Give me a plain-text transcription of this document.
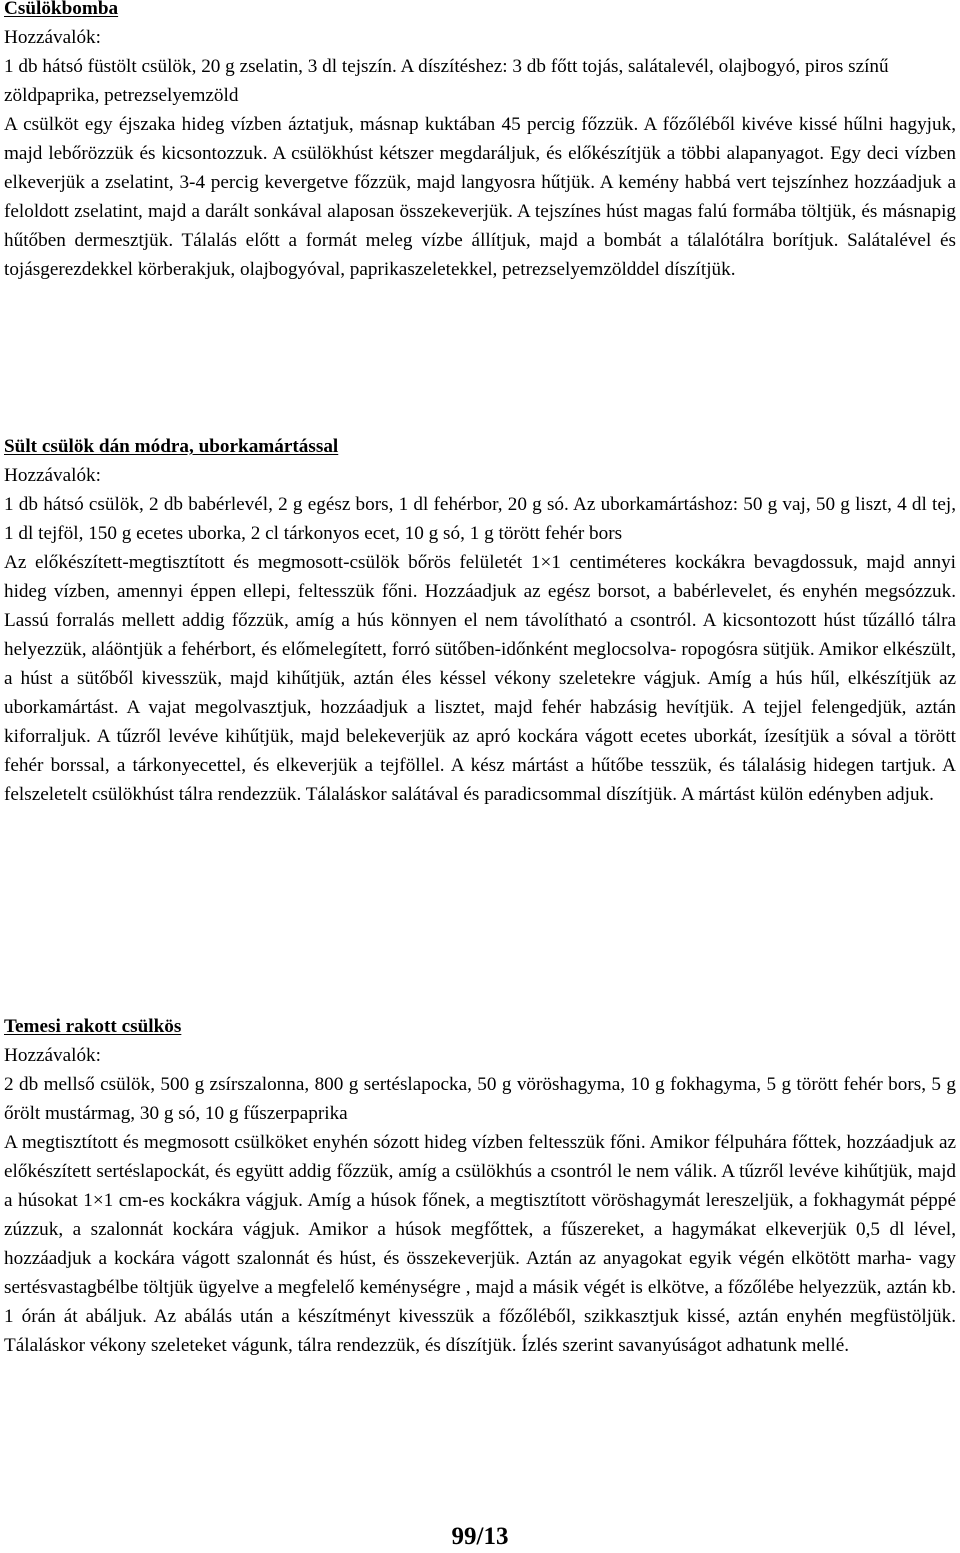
Csülökbomba

Hozzávalók:

1 db hátsó füstölt csülök, 20 g zselatin, 3 dl tejszín. A díszítéshez: 3 db főtt tojás, salátalevél, olajbogyó, piros színű zöldpaprika, petrezselyemzöld

A csülköt egy éjszaka hideg vízben áztatjuk, másnap kuktában 45 percig főzzük. A főzőléből kivéve kissé hűlni hagyjuk, majd lebőrözzük és kicsontozzuk. A csülökhúst kétszer megdaráljuk, és előkészítjük a többi alapanyagot. Egy deci vízben elkeverjük a zselatint, 3-4 percig kevergetve főzzük, majd langyosra hűtjük. A kemény habbá vert tejszínhez hozzáadjuk a feloldott zselatint, majd a darált sonkával alaposan összekeverjük. A tejszínes húst magas falú formába töltjük, és másnapig hűtőben dermesztjük. Tálalás előtt a formát meleg vízbe állítjuk, majd a bombát a tálalótálra borítjuk. Salátalével és tojásgerezdekkel körberakjuk, olajbogyóval, paprikaszeletekkel, petrezselyemzölddel díszítjük.

Sült csülök dán módra, uborkamártással

Hozzávalók:

1 db hátsó csülök, 2 db babérlevél, 2 g egész bors, 1 dl fehérbor, 20 g só. Az uborkamártáshoz: 50 g vaj, 50 g liszt, 4 dl tej, 1 dl tejföl, 150 g ecetes uborka, 2 cl tárkonyos ecet, 10 g só, 1 g törött fehér bors

Az előkészített-megtisztított és megmosott-csülök bőrös felületét 1×1 centiméteres kockákra bevagdossuk, majd annyi hideg vízben, amennyi éppen ellepi, feltesszük főni. Hozzáadjuk az egész borsot, a babérlevelet, és enyhén megsózzuk. Lassú forralás mellett addig főzzük, amíg a hús könnyen el nem távolítható a csontról. A kicsontozott húst tűzálló tálra helyezzük, aláöntjük a fehérbort, és előmelegített, forró sütőben-időnként meglocsolva- ropogósra sütjük. Amikor elkészült, a húst a sütőből kivesszük, majd kihűtjük, aztán éles késsel vékony szeletekre vágjuk. Amíg a hús hűl, elkészítjük az uborkamártást. A vajat megolvasztjuk, hozzáadjuk a lisztet, majd fehér habzásig hevítjük. A tejjel felengedjük, aztán kiforraljuk. A tűzről levéve kihűtjük, majd belekeverjük az apró kockára vágott ecetes uborkát, ízesítjük a sóval a törött fehér borssal, a tárkonyecettel, és elkeverjük a tejföllel. A kész mártást a hűtőbe tesszük, és tálalásig hidegen tartjuk. A felszeletelt csülökhúst tálra rendezzük. Tálaláskor salátával és paradicsommal díszítjük. A mártást külön edényben adjuk.

Temesi rakott csülkös

Hozzávalók:

2 db mellső csülök, 500 g zsírszalonna, 800 g sertéslapocka, 50 g vöröshagyma, 10 g fokhagyma, 5 g törött fehér bors, 5 g őrölt mustármag, 30 g só, 10 g fűszerpaprika

A megtisztított és megmosott csülköket enyhén sózott hideg vízben feltesszük főni. Amikor félpuhára főttek, hozzáadjuk az előkészített sertéslapockát, és együtt addig főzzük, amíg a csülökhús a csontról le nem válik. A tűzről levéve kihűtjük, majd a húsokat 1×1 cm-es kockákra vágjuk. Amíg a húsok főnek, a megtisztított vöröshagymát lereszeljük, a fokhagymát péppé zúzzuk, a szalonnát kockára vágjuk. Amikor a húsok megfőttek, a fűszereket, a hagymákat elkeverjük 0,5 dl lével, hozzáadjuk a kockára vágott szalonnát és húst, és összekeverjük. Aztán az anyagokat egyik végén elkötött marha- vagy sertésvastagbélbe töltjük ügyelve a megfelelő keménységre , majd a másik végét is elkötve, a főzőlébe helyezzük, aztán kb. 1 órán át abáljuk. Az abálás után a készítményt kivesszük a főzőléből, szikkasztjuk kissé, aztán enyhén megfüstöljük. Tálaláskor vékony szeleteket vágunk, tálra rendezzük, és díszítjük. Ízlés szerint savanyúságot adhatunk mellé.

99/13
